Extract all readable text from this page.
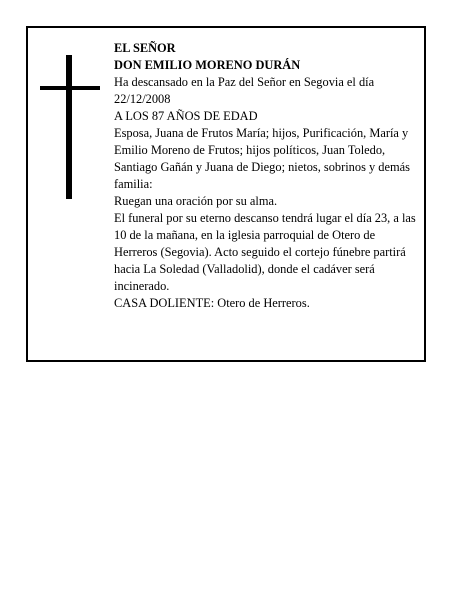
EL SEÑOR

DON EMILIO MORENO DURÁN

Ha descansado en la Paz del Señor en Segovia el día 22/12/2008

A LOS 87 AÑOS DE EDAD

Esposa, Juana de Frutos María; hijos, Purificación, María y Emilio Moreno de Frutos; hijos políticos, Juan Toledo, Santiago Gañán y Juana de Diego; nietos, sobrinos y demás familia:

Ruegan una oración por su alma.

El funeral por su eterno descanso tendrá lugar el día 23, a las 10 de la mañana, en la iglesia parroquial de Otero de Herreros (Segovia). Acto seguido el cortejo fúnebre partirá hacia La Soledad (Valladolid), donde el cadáver será incinerado.

CASA DOLIENTE: Otero de Herreros.
